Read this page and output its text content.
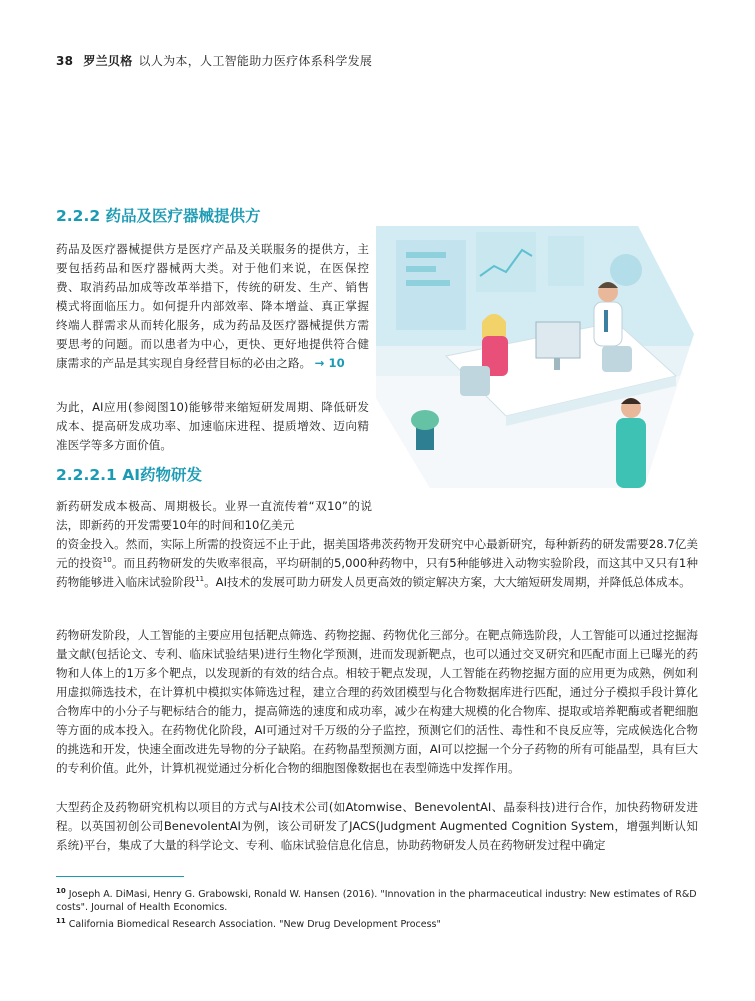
38 罗兰贝格 以人为本，人工智能助力医疗体系科学发展
2.2.2 药品及医疗器械提供方
药品及医疗器械提供方是医疗产品及关联服务的提供方，主要包括药品和医疗器械两大类。对于他们来说，在医保控费、取消药品加成等改革举措下，传统的研发、生产、销售模式将面临压力。如何提升内部效率、降本增益、真正掌握终端人群需求从而转化服务，成为药品及医疗器械提供方需要思考的问题。而以患者为中心，更快、更好地提供符合健康需求的产品是其实现自身经营目标的必由之路。 → 10
为此，AI应用(参阅图10)能够带来缩短研发周期、降低研发成本、提高研发成功率、加速临床进程、提质增效、迈向精准医学等多方面价值。
2.2.2.1 AI药物研发
新药研发成本极高、周期极长。业界一直流传着“双10”的说法，即新药的开发需要10年的时间和10亿美元
的资金投入。然而，实际上所需的投资远不止于此，据美国塔弗茨药物开发研究中心最新研究，每种新药的研发需要28.7亿美元的投资$^{10}$。而且药物研发的失败率很高，平均研制的5,000种药物中，只有5种能够进入动物实验阶段，而这其中又只有1种药物能够进入临床试验阶段$^{11}$。AI技术的发展可助力研发人员更高效的锁定解决方案，大大缩短研发周期，并降低总体成本。
药物研发阶段，人工智能的主要应用包括靶点筛选、药物挖掘、药物优化三部分。在靶点筛选阶段，人工智能可以通过挖掘海量文献(包括论文、专利、临床试验结果)进行生物化学预测，进而发现新靶点，也可以通过交叉研究和匹配市面上已曝光的药物和人体上的1万多个靶点，以发现新的有效的结合点。相较于靶点发现，人工智能在药物挖掘方面的应用更为成熟，例如利用虚拟筛选技术，在计算机中模拟实体筛选过程，建立合理的药效团模型与化合物数据库进行匹配，通过分子模拟手段计算化合物库中的小分子与靶标结合的能力，提高筛选的速度和成功率，减少在构建大规模的化合物库、提取或培养靶酶或者靶细胞等方面的成本投入。在药物优化阶段，AI可通过对千万级的分子监控，预测它们的活性、毒性和不良反应等，完成候选化合物的挑选和开发，快速全面改进先导物的分子缺陷。在药物晶型预测方面，AI可以挖掘一个分子药物的所有可能晶型，具有巨大的专利价值。此外，计算机视觉通过分析化合物的细胞图像数据也在表型筛选中发挥作用。
大型药企及药物研究机构以项目的方式与AI技术公司(如Atomwise、BenevolentAI、晶泰科技)进行合作，加快药物研发进程。以英国初创公司BenevolentAI为例，该公司研发了JACS(Judgment Augmented Cognition System，增强判断认知系统)平台，集成了大量的科学论文、专利、临床试验信息化信息，协助药物研发人员在药物研发过程中确定
$^{10}$ Joseph A. DiMasi, Henry G. Grabowski, Ronald W. Hansen (2016). "Innovation in the pharmaceutical industry: New estimates of R&D costs". Journal of Health Economics.
$^{11}$ California Biomedical Research Association. "New Drug Development Process"
